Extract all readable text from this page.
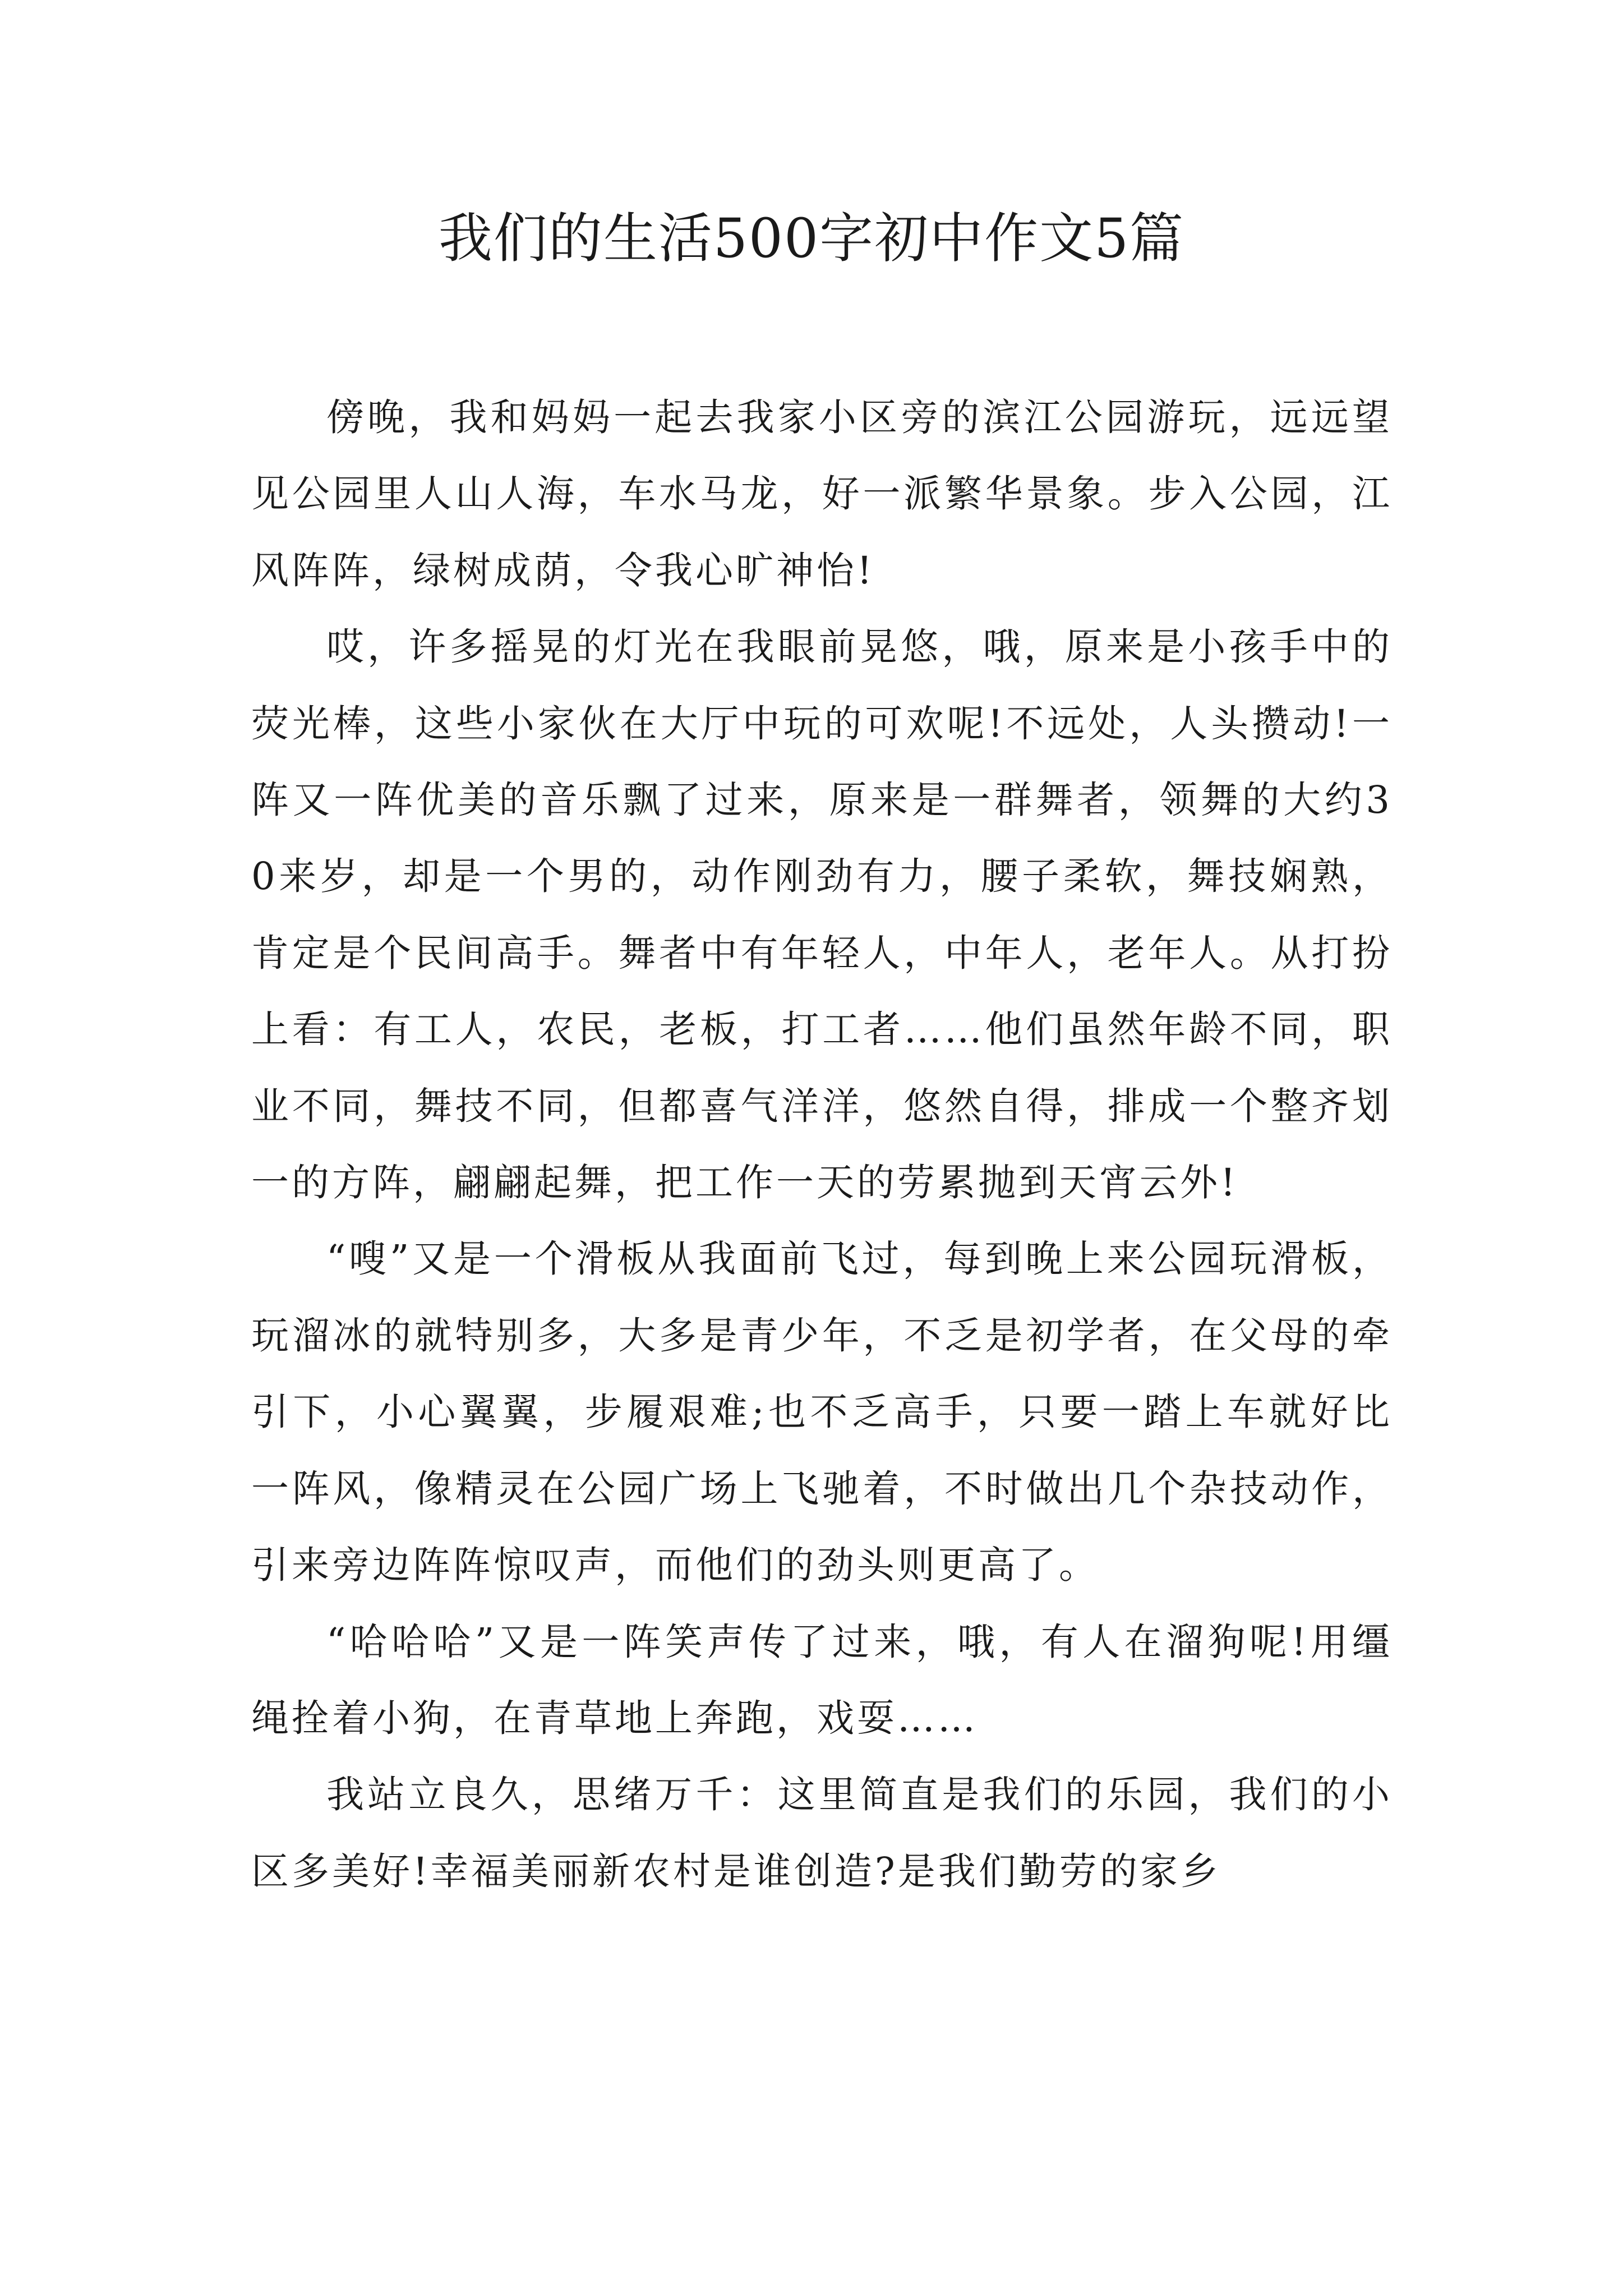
我们的生活500字初中作文5篇

傍晚，我和妈妈一起去我家小区旁的滨江公园游玩，远远望见公园里人山人海，车水马龙，好一派繁华景象。步入公园，江风阵阵，绿树成荫，令我心旷神怡!

哎，许多摇晃的灯光在我眼前晃悠，哦，原来是小孩手中的荧光棒，这些小家伙在大厅中玩的可欢呢!不远处，人头攒动!一阵又一阵优美的音乐飘了过来，原来是一群舞者，领舞的大约30来岁，却是一个男的，动作刚劲有力，腰子柔软，舞技娴熟，肯定是个民间高手。舞者中有年轻人，中年人，老年人。从打扮上看：有工人，农民，老板，打工者……他们虽然年龄不同，职业不同，舞技不同，但都喜气洋洋，悠然自得，排成一个整齐划一的方阵，翩翩起舞，把工作一天的劳累抛到天宵云外!

“嗖”又是一个滑板从我面前飞过，每到晚上来公园玩滑板，玩溜冰的就特别多，大多是青少年，不乏是初学者，在父母的牵引下，小心翼翼，步履艰难;也不乏高手，只要一踏上车就好比一阵风，像精灵在公园广场上飞驰着，不时做出几个杂技动作，引来旁边阵阵惊叹声，而他们的劲头则更高了。

“哈哈哈”又是一阵笑声传了过来，哦，有人在溜狗呢!用缰绳拴着小狗，在青草地上奔跑，戏耍……

我站立良久，思绪万千：这里简直是我们的乐园，我们的小区多美好!幸福美丽新农村是谁创造?是我们勤劳的家乡
